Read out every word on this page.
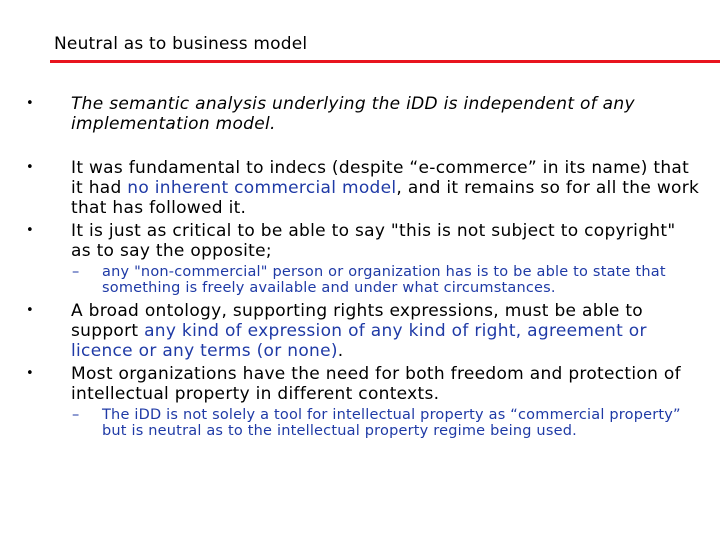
Neutral as to business model
• The semantic analysis underlying the iDD is independent of any implementation model.
• It was fundamental to indecs (despite “e-commerce” in its name) that it had no inherent commercial model, and it remains so for all the work that has followed it.
• It is just as critical to be able to say "this is not subject to copyright" as to say the opposite;
– any "non-commercial" person or organization has is to be able to state that something is freely available and under what circumstances.
• A broad ontology, supporting rights expressions, must be able to support any kind of expression of any kind of right, agreement or licence or any terms (or none).
• Most organizations have the need for both freedom and protection of intellectual property in different contexts.
– The iDD is not solely a tool for intellectual property as “commercial property” but is neutral as to the intellectual property regime being used.
